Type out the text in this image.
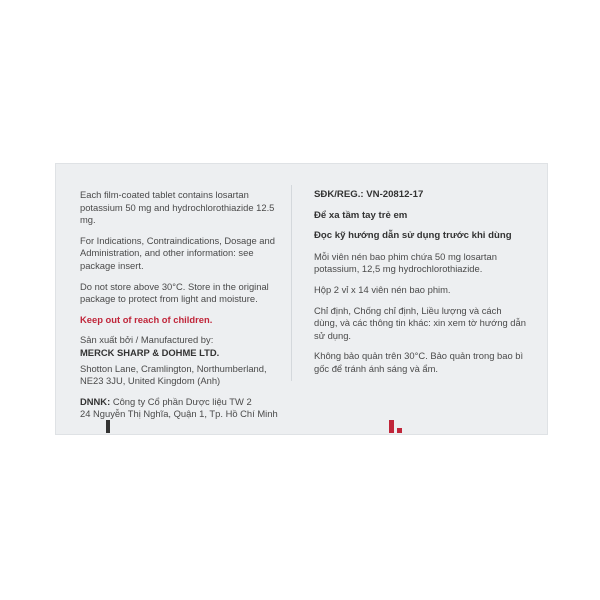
Each film-coated tablet contains losartan potassium 50 mg and hydrochlorothiazide 12.5 mg.

For Indications, Contraindications, Dosage and Administration, and other information: see package insert.

Do not store above 30°C. Store in the original package to protect from light and moisture.

Keep out of reach of children.

Sản xuất bởi / Manufactured by:

MERCK SHARP & DOHME LTD.

Shotton Lane, Cramlington, Northumberland, NE23 3JU, United Kingdom (Anh)

DNNK: Công ty Cổ phần Dược liệu TW 2

24 Nguyễn Thị Nghĩa, Quận 1, Tp. Hồ Chí Minh

SĐK/REG.: VN-20812-17

Để xa tầm tay trẻ em

Đọc kỹ hướng dẫn sử dụng trước khi dùng

Mỗi viên nén bao phim chứa 50 mg losartan potassium, 12,5 mg hydrochlorothiazide.

Hộp 2 vỉ x 14 viên nén bao phim.

Chỉ định, Chống chỉ định, Liều lượng và cách dùng, và các thông tin khác: xin xem tờ hướng dẫn sử dụng.

Không bảo quản trên 30°C. Bảo quản trong bao bì gốc để tránh ánh sáng và ẩm.
